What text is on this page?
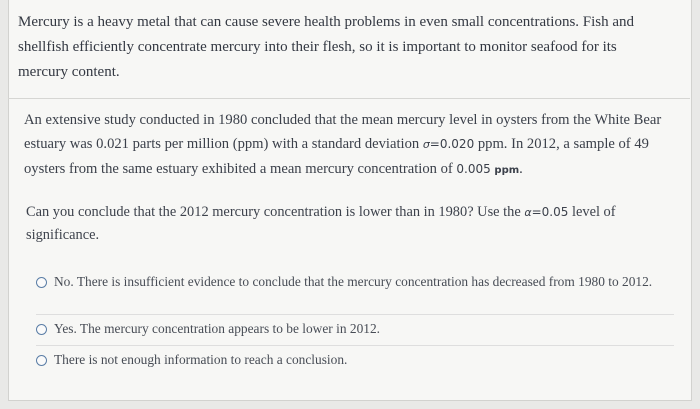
Mercury is a heavy metal that can cause severe health problems in even small concentrations. Fish and shellfish efficiently concentrate mercury into their flesh, so it is important to monitor seafood for its mercury content.
An extensive study conducted in 1980 concluded that the mean mercury level in oysters from the White Bear estuary was 0.021 parts per million (ppm) with a standard deviation σ=0.020 ppm. In 2012, a sample of 49 oysters from the same estuary exhibited a mean mercury concentration of 0.005 ppm.
Can you conclude that the 2012 mercury concentration is lower than in 1980? Use the α=0.05 level of significance.
No. There is insufficient evidence to conclude that the mercury concentration has decreased from 1980 to 2012.
Yes. The mercury concentration appears to be lower in 2012.
There is not enough information to reach a conclusion.
